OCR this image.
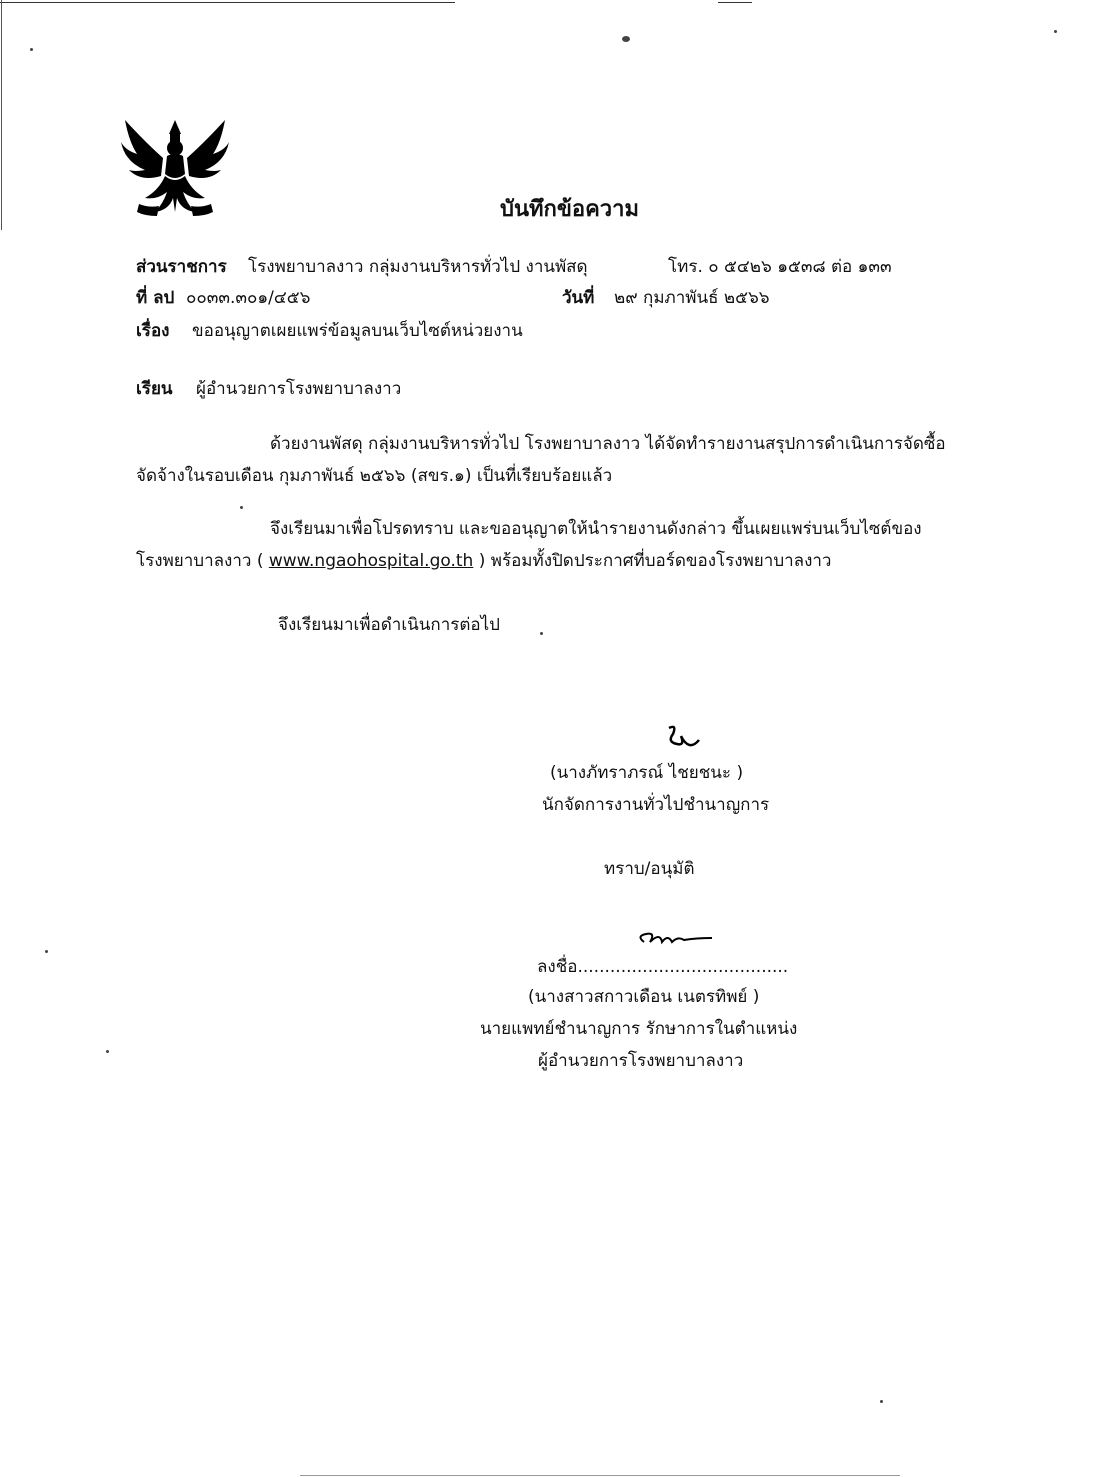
บันทึกข้อความ
ส่วนราชการ โรงพยาบาลงาว กลุ่มงานบริหารทั่วไป งานพัสดุ	โทร. ๐ ๕๔๒๖ ๑๕๓๘ ต่อ ๑๓๓
ที่ ลป ๐๐๓๓.๓๐๑/๔๕๖	วันที่ ๒๙ กุมภาพันธ์ ๒๕๖๖
เรื่อง ขออนุญาตเผยแพร่ข้อมูลบนเว็บไซต์หน่วยงาน
เรียน ผู้อำนวยการโรงพยาบาลงาว
ด้วยงานพัสดุ กลุ่มงานบริหารทั่วไป โรงพยาบาลงาว ได้จัดทำรายงานสรุปการดำเนินการจัดซื้อ
จัดจ้างในรอบเดือน กุมภาพันธ์ ๒๕๖๖ (สขร.๑) เป็นที่เรียบร้อยแล้ว
จึงเรียนมาเพื่อโปรดทราบ และขออนุญาตให้นำรายงานดังกล่าว ขึ้นเผยแพร่บนเว็บไซต์ของ
โรงพยาบาลงาว ( www.ngaohospital.go.th ) พร้อมทั้งปิดประกาศที่บอร์ดของโรงพยาบาลงาว
จึงเรียนมาเพื่อดำเนินการต่อไป
(นางภัทราภรณ์ ไชยชนะ )
นักจัดการงานทั่วไปชำนาญการ
ทราบ/อนุมัติ
ลงชื่อ.......................................
(นางสาวสกาวเดือน เนตรทิพย์ )
นายแพทย์ชำนาญการ รักษาการในตำแหน่ง
ผู้อำนวยการโรงพยาบาลงาว
